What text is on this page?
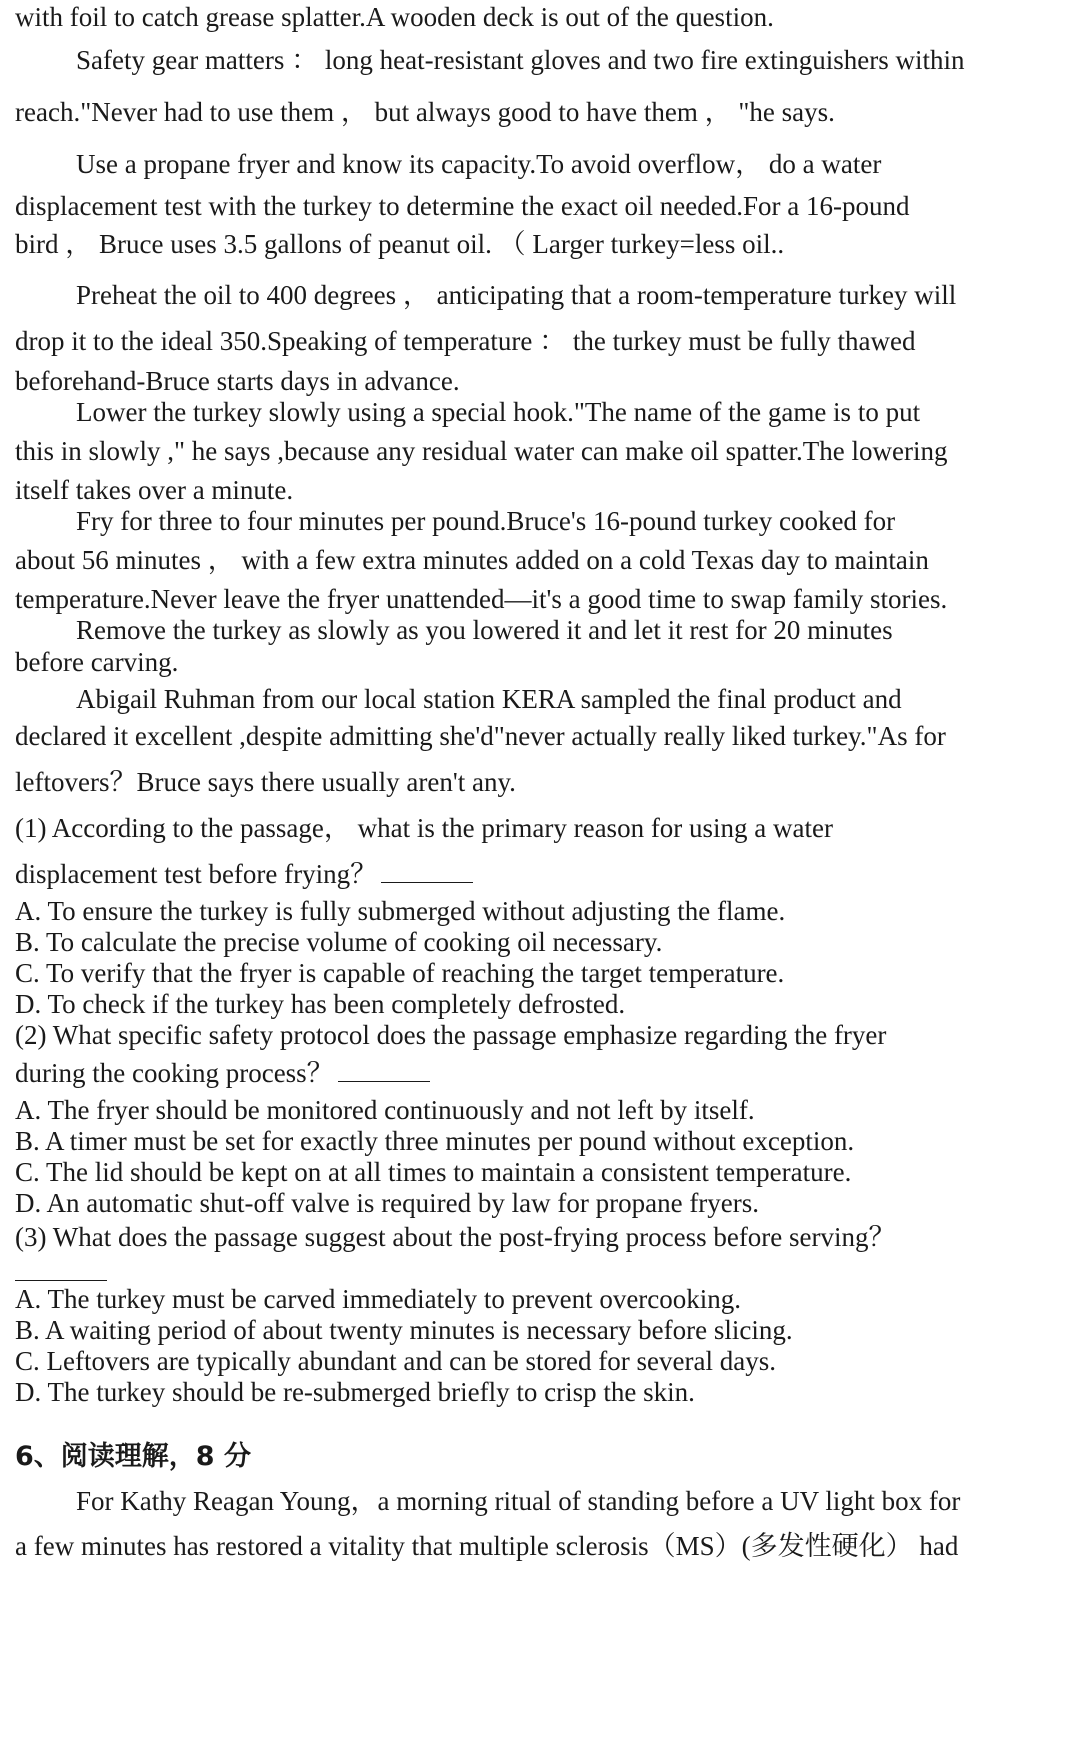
with foil to catch grease splatter.A wooden deck is out of the question.
Safety gear matters ： long heat-resistant gloves and two fire extinguishers within
reach."Never had to use them ， but always good to have them ， "he says.
Use a propane fryer and know its capacity.To avoid overflow， do a water
displacement test with the turkey to determine the exact oil needed.For a 16-pound
bird ， Bruce uses 3.5 gallons of peanut oil. （ Larger turkey=less oil..
Preheat the oil to 400 degrees ， anticipating that a room-temperature turkey will
drop it to the ideal 350.Speaking of temperature ： the turkey must be fully thawed
beforehand-Bruce starts days in advance.
Lower the turkey slowly using a special hook."The name of the game is to put
this in slowly ," he says ,because any residual water can make oil spatter.The lowering
itself takes over a minute.
Fry for three to four minutes per pound.Bruce's 16-pound turkey cooked for
about 56 minutes ， with a few extra minutes added on a cold Texas day to maintain
temperature.Never leave the fryer unattended—it's a good time to swap family stories.
Remove the turkey as slowly as you lowered it and let it rest for 20 minutes
before carving.
Abigail Ruhman from our local station KERA sampled the final product and
declared it excellent ,despite admitting she'd"never actually really liked turkey."As for
leftovers？Bruce says there usually aren't any.
(1) According to the passage， what is the primary reason for using a water
displacement test before frying？
A. To ensure the turkey is fully submerged without adjusting the flame.
B. To calculate the precise volume of cooking oil necessary.
C. To verify that the fryer is capable of reaching the target temperature.
D. To check if the turkey has been completely defrosted.
(2) What specific safety protocol does the passage emphasize regarding the fryer
during the cooking process？
A. The fryer should be monitored continuously and not left by itself.
B. A timer must be set for exactly three minutes per pound without exception.
C. The lid should be kept on at all times to maintain a consistent temperature.
D. An automatic shut-off valve is required by law for propane fryers.
(3) What does the passage suggest about the post-frying process before serving？
A. The turkey must be carved immediately to prevent overcooking.
B. A waiting period of about twenty minutes is necessary before slicing.
C. Leftovers are typically abundant and can be stored for several days.
D. The turkey should be re-submerged briefly to crisp the skin.
6、阅读理解，8 分
For Kathy Reagan Young，a morning ritual of standing before a UV light box for
a few minutes has restored a vitality that multiple sclerosis（MS）(多发性硬化） had
